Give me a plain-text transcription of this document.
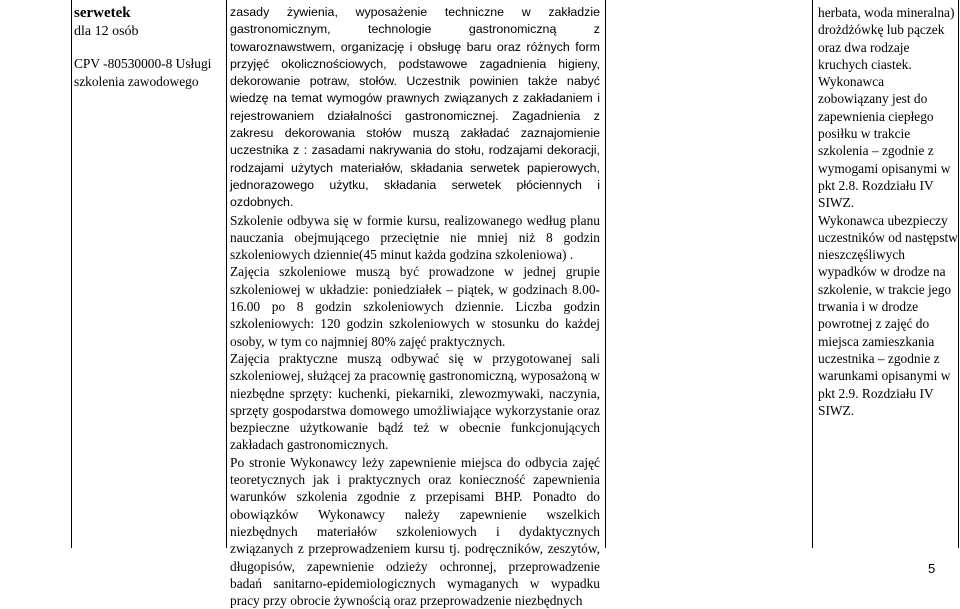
serwetek

dla 12 osób

CPV -80530000-8 Usługi szkolenia zawodowego

zasady żywienia, wyposażenie techniczne w zakładzie gastronomicznym, technologie gastronomiczną z towaroznawstwem, organizację i obsługę baru oraz różnych form przyjęć okolicznościowych, podstawowe zagadnienia higieny, dekorowanie potraw, stołów. Uczestnik powinien także nabyć wiedzę na temat wymogów prawnych związanych z zakładaniem i rejestrowaniem działalności gastronomicznej. Zagadnienia z zakresu dekorowania stołów muszą zakładać zaznajomienie uczestnika z : zasadami nakrywania do stołu, rodzajami dekoracji, rodzajami użytych materiałów, składania serwetek papierowych, jednorazowego użytku, składania serwetek płóciennych i ozdobnych.

Szkolenie odbywa się w formie kursu, realizowanego według planu nauczania obejmującego przeciętnie nie mniej niż 8 godzin szkoleniowych dziennie(45 minut każda godzina szkoleniowa) .

Zajęcia szkoleniowe muszą być prowadzone w jednej grupie szkoleniowej w układzie: poniedziałek – piątek, w godzinach 8.00-16.00 po 8 godzin szkoleniowych dziennie. Liczba godzin szkoleniowych: 120 godzin szkoleniowych w stosunku do każdej osoby, w tym co najmniej 80% zajęć praktycznych.

Zajęcia praktyczne muszą odbywać się w przygotowanej sali szkoleniowej, służącej za pracownię gastronomiczną, wyposażoną w niezbędne sprzęty: kuchenki, piekarniki, zlewozmywaki, naczynia, sprzęty gospodarstwa domowego umożliwiające wykorzystanie oraz bezpieczne użytkowanie bądź też w obecnie funkcjonujących zakładach gastronomicznych.

Po stronie Wykonawcy leży zapewnienie miejsca do odbycia zajęć teoretycznych jak i praktycznych oraz konieczność zapewnienia warunków szkolenia zgodnie z przepisami BHP. Ponadto do obowiązków Wykonawcy należy zapewnienie wszelkich niezbędnych materiałów szkoleniowych i dydaktycznych związanych z przeprowadzeniem kursu tj. podręczników, zeszytów, długopisów, zapewnienie odzieży ochronnej, przeprowadzenie badań sanitarno-epidemiologicznych wymaganych w wypadku pracy przy obrocie żywnością oraz przeprowadzenie niezbędnych

herbata, woda mineralna) drożdżówkę lub pączek oraz dwa rodzaje kruchych ciastek.

Wykonawca zobowiązany jest do zapewnienia ciepłego posiłku w trakcie szkolenia – zgodnie z wymogami opisanymi w pkt 2.8. Rozdziału IV SIWZ.

Wykonawca ubezpieczy uczestników od następstw nieszczęśliwych wypadków w drodze na szkolenie, w trakcie jego trwania i w drodze powrotnej z zajęć do miejsca zamieszkania uczestnika – zgodnie z warunkami opisanymi w pkt 2.9. Rozdziału IV SIWZ.

5
